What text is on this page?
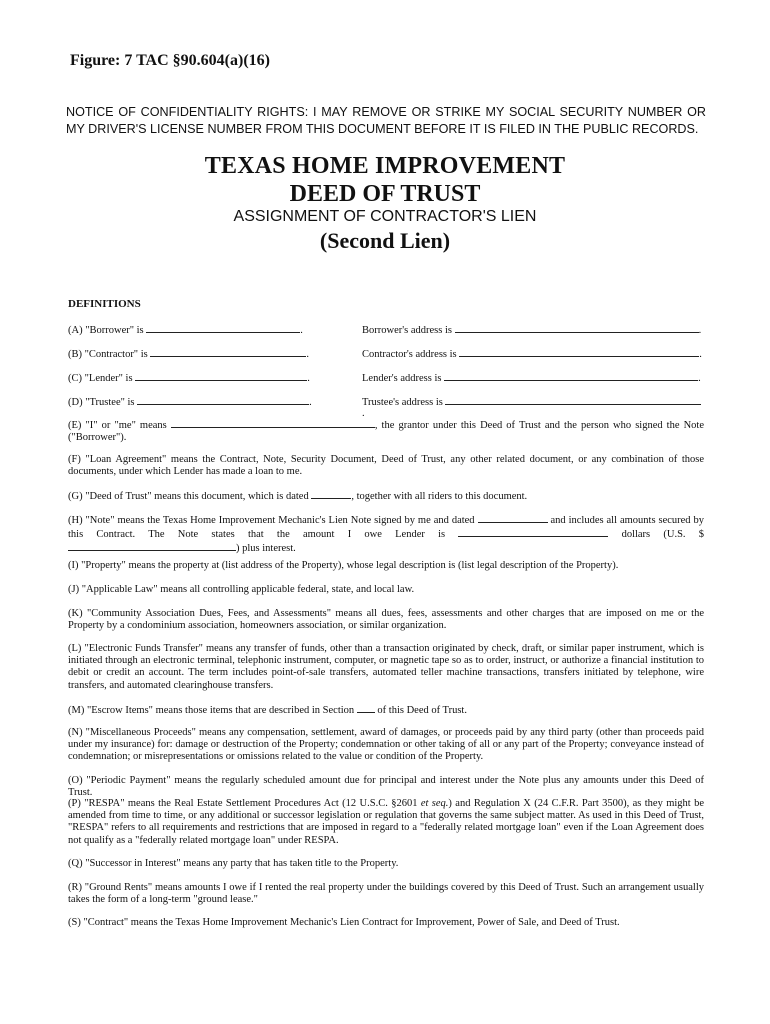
Figure: 7 TAC §90.604(a)(16)
NOTICE OF CONFIDENTIALITY RIGHTS: I MAY REMOVE OR STRIKE MY SOCIAL SECURITY NUMBER OR MY DRIVER'S LICENSE NUMBER FROM THIS DOCUMENT BEFORE IT IS FILED IN THE PUBLIC RECORDS.
TEXAS HOME IMPROVEMENT
DEED OF TRUST
ASSIGNMENT OF CONTRACTOR'S LIEN
(Second Lien)
DEFINITIONS
(A) "Borrower" is	.	Borrower's address is	.
(B) "Contractor" is	.	Contractor's address is	.
(C) "Lender" is	.	Lender's address is	.
(D) "Trustee" is	.	Trustee's address is .

(E) "I" or "me" means	, the grantor under this Deed of Trust and the person who signed the Note ("Borrower").

(F) "Loan Agreement" means the Contract, Note, Security Document, Deed of Trust, any other related document, or any combination of those documents, under which Lender has made a loan to me.

(G) "Deed of Trust" means this document, which is dated	, together with all riders to this document.

(H) "Note" means the Texas Home Improvement Mechanic's Lien Note signed by me and dated	and includes all amounts secured by this Contract. The Note states that the amount I owe Lender is	dollars (U.S. $) plus interest.

(I) "Property" means the property at (list address of the Property), whose legal description is (list legal description of the Property).

(J) "Applicable Law" means all controlling applicable federal, state, and local law.

(K) "Community Association Dues, Fees, and Assessments" means all dues, fees, assessments and other charges that are imposed on me or the Property by a condominium association, homeowners association, or similar organization.

(L) "Electronic Funds Transfer" means any transfer of funds, other than a transaction originated by check, draft, or similar paper instrument, which is initiated through an electronic terminal, telephonic instrument, computer, or magnetic tape so as to order, instruct, or authorize a financial institution to debit or credit an account. The term includes point-of-sale transfers, automated teller machine transactions, transfers initiated by telephone, wire transfers, and automated clearinghouse transfers.

(M) "Escrow Items" means those items that are described in Section of this Deed of Trust.

(N) "Miscellaneous Proceeds" means any compensation, settlement, award of damages, or proceeds paid by any third party (other than proceeds paid under my insurance) for: damage or destruction of the Property; condemnation or other taking of all or any part of the Property; conveyance instead of condemnation; or misrepresentations or omissions related to the value or condition of the Property.

(O) "Periodic Payment" means the regularly scheduled amount due for principal and interest under the Note plus any amounts under this Deed of Trust.

(P) "RESPA" means the Real Estate Settlement Procedures Act (12 U.S.C. §2601 et seq.) and Regulation X (24 C.F.R. Part 3500), as they might be amended from time to time, or any additional or successor legislation or regulation that governs the same subject matter. As used in this Deed of Trust, "RESPA" refers to all requirements and restrictions that are imposed in regard to a "federally related mortgage loan" even if the Loan Agreement does not qualify as a "federally related mortgage loan" under RESPA.

(Q) "Successor in Interest" means any party that has taken title to the Property.

(R) "Ground Rents" means amounts I owe if I rented the real property under the buildings covered by this Deed of Trust. Such an arrangement usually takes the form of a long-term "ground lease."

(S) "Contract" means the Texas Home Improvement Mechanic's Lien Contract for Improvement, Power of Sale, and Deed of Trust.
